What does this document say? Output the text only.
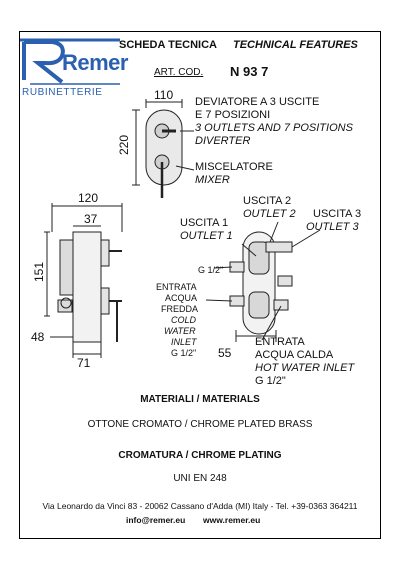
Remer
RUBINETTERIE
SCHEDA TECNICA TECHNICAL FEATURES
ART. COD. N 93 7
DEVIATORE A 3 USCITE
E 7 POSIZIONI
3 OUTLETS AND 7 POSITIONS
DIVERTER
MISCELATORE
MIXER
110
220
120
37
151
48
71
55
USCITA 2
OUTLET 2 USCITA 3
OUTLET 3
USCITA 1
OUTLET 1
G 1/2"
ENTRATA
ACQUA
FREDDA
COLD
WATER
INLET
G 1/2"
ENTRATA
ACQUA CALDA
HOT WATER INLET
G 1/2"
MATERIALI / MATERIALS
OTTONE CROMATO / CHROME PLATED BRASS
CROMATURA / CHROME PLATING
UNI EN 248
Via Leonardo da Vinci 83 - 20062 Cassano d'Adda (MI) Italy - Tel. +39-0363 364211
info@remer.eu www.remer.eu
